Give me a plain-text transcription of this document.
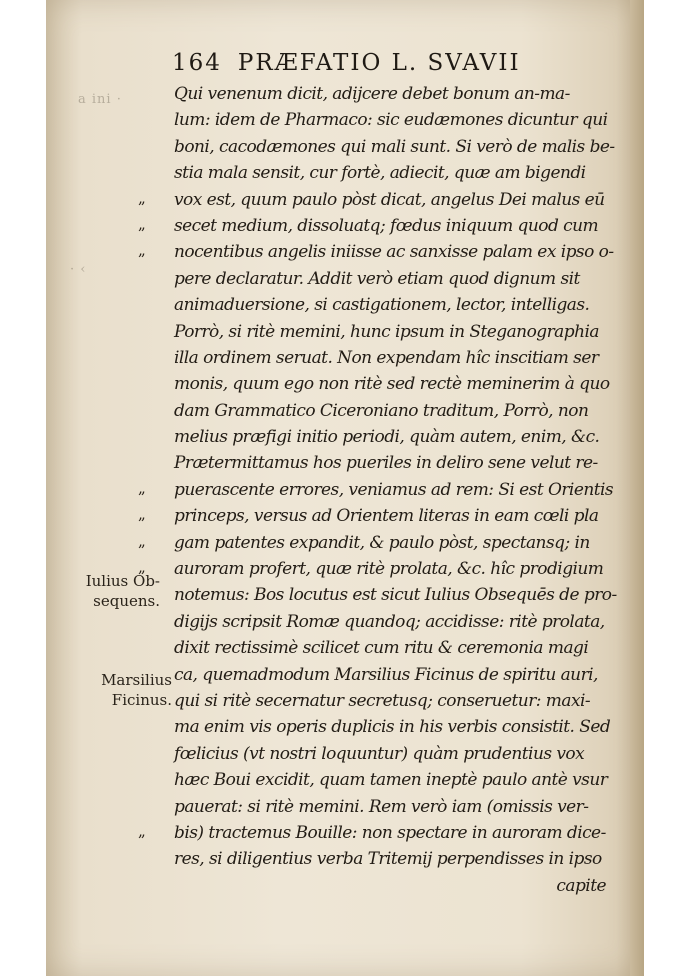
a ini ·
· ‹
164 PRÆFATIO L. SVAVII
„
„
„
„
„
„
„
„
Iulius Ob-
sequens.
Marsilius
Ficinus.
Qui venenum dicit, adijcere debet bonum an-ma-
lum: idem de Pharmaco: sic eudæmones dicuntur qui
boni, cacodæmones qui mali sunt. Si verò de malis be-
stia mala sensit, cur fortè, adiecit, quæ am bigendi
vox est, quum paulo pòst dicat, angelus Dei malus eū
secet medium, dissoluatq; fœdus iniquum quod cum
nocentibus angelis iniisse ac sanxisse palam ex ipso o-
pere declaratur. Addit verò etiam quod dignum sit
animaduersione, si castigationem, lector, intelligas.
Porrò, si ritè memini, hunc ipsum in Steganographia
illa ordinem seruat. Non expendam hîc inscitiam ser
monis, quum ego non ritè sed rectè meminerim à quo
dam Grammatico Ciceroniano traditum, Porrò, non
melius præfigi initio periodi, quàm autem, enim, &c.
Prætermittamus hos pueriles in deliro sene velut re-
puerascente errores, veniamus ad rem: Si est Orientis
princeps, versus ad Orientem literas in eam cœli pla
gam patentes expandit, & paulo pòst, spectansq; in
auroram profert, quæ ritè prolata, &c. hîc prodigium
notemus: Bos locutus est sicut Iulius Obsequēs de pro-
digijs scripsit Romæ quandoq; accidisse: ritè prolata,
dixit rectissimè scilicet cum ritu & ceremonia magi
ca, quemadmodum Marsilius Ficinus de spiritu auri,
qui si ritè secernatur secretusq; conseruetur: maxi-
ma enim vis operis duplicis in his verbis consistit. Sed
fœlicius (vt nostri loquuntur) quàm prudentius vox
hæc Boui excidit, quam tamen ineptè paulo antè vsur
pauerat: si ritè memini. Rem verò iam (omissis ver-
bis) tractemus Bouille: non spectare in auroram dice-
res, si diligentius verba Tritemij perpendisses in ipso
capite
